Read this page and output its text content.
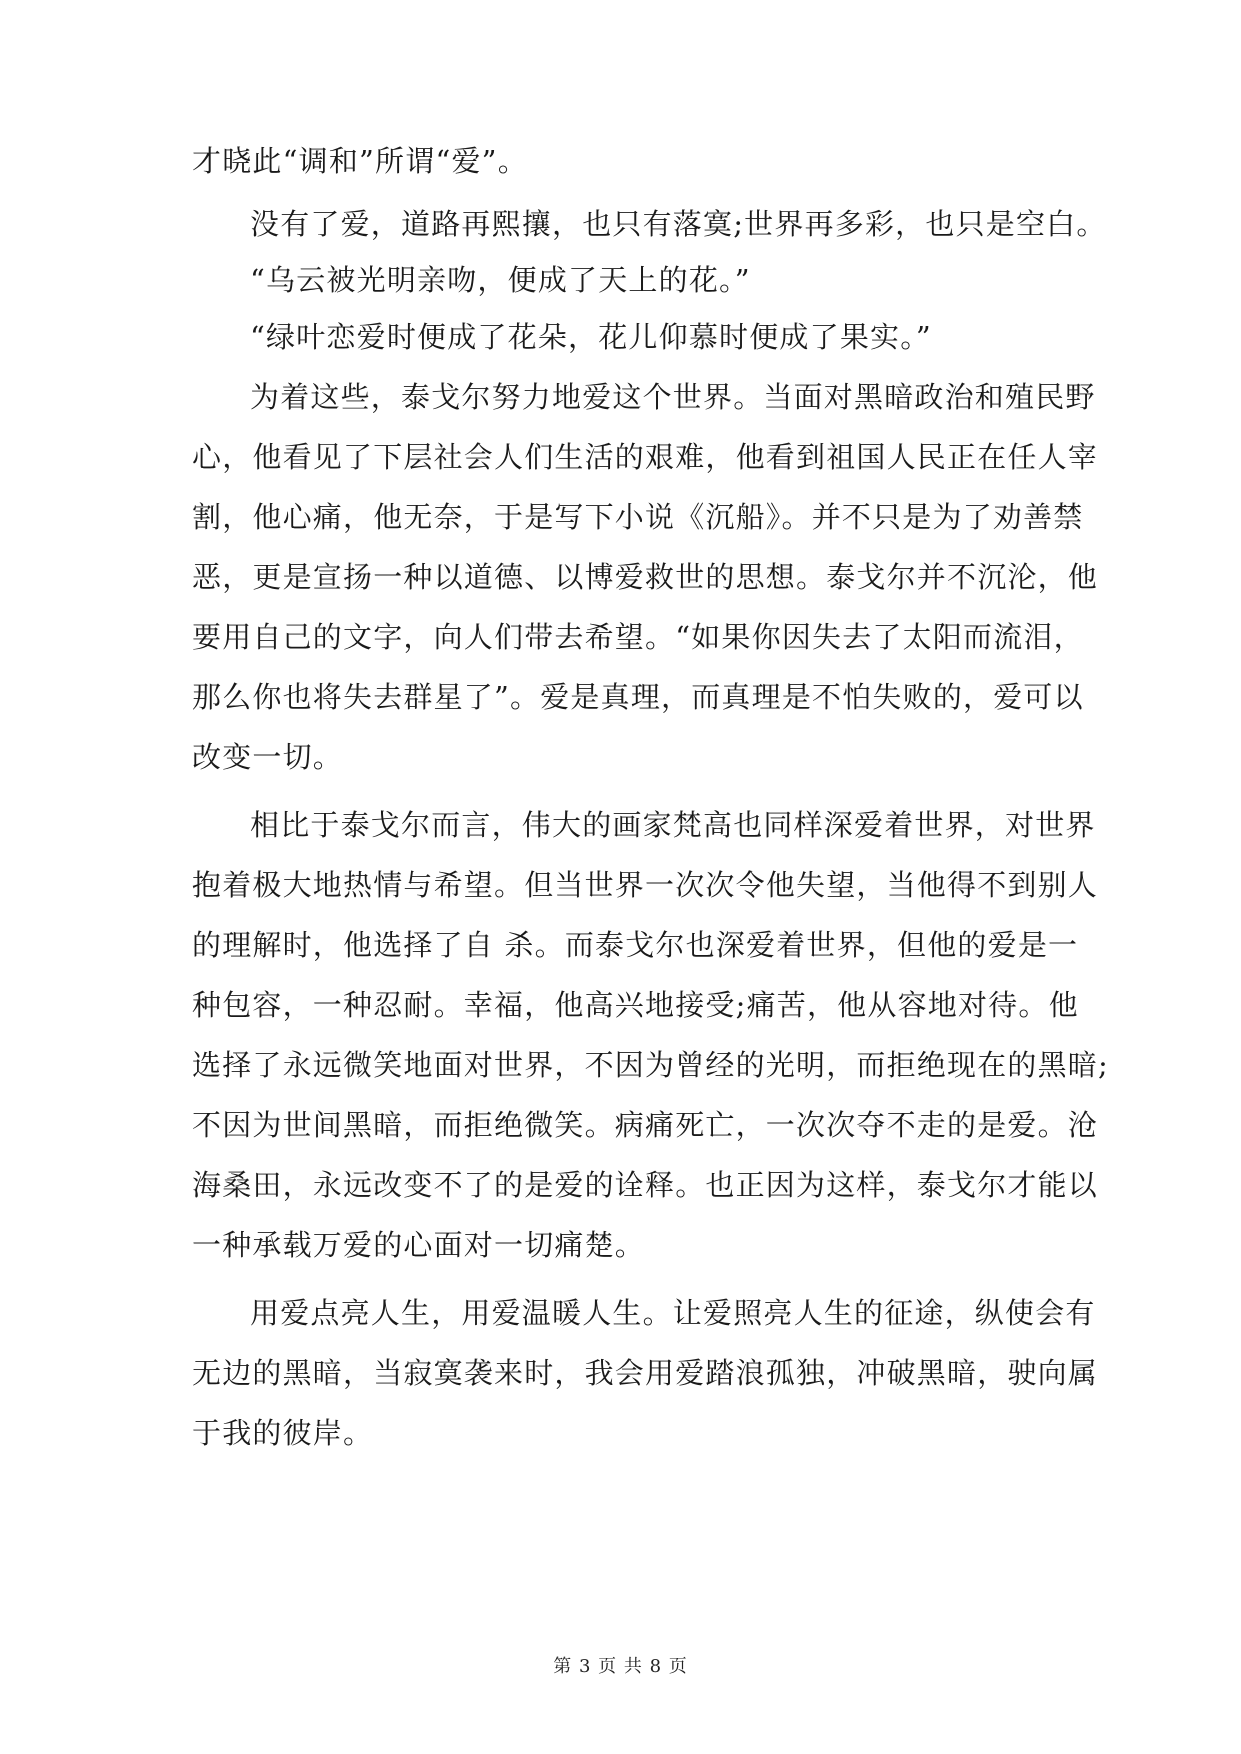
才晓此“调和”所谓“爱”。
没有了爱，道路再熙攘，也只有落寞;世界再多彩，也只是空白。
“乌云被光明亲吻，便成了天上的花。”
“绿叶恋爱时便成了花朵，花儿仰慕时便成了果实。”
为着这些，泰戈尔努力地爱这个世界。当面对黑暗政治和殖民野
心，他看见了下层社会人们生活的艰难，他看到祖国人民正在任人宰
割，他心痛，他无奈，于是写下小说《沉船》。并不只是为了劝善禁
恶，更是宣扬一种以道德、以博爱救世的思想。泰戈尔并不沉沦，他
要用自己的文字，向人们带去希望。“如果你因失去了太阳而流泪，
那么你也将失去群星了”。爱是真理，而真理是不怕失败的，爱可以
改变一切。
相比于泰戈尔而言，伟大的画家梵高也同样深爱着世界，对世界
抱着极大地热情与希望。但当世界一次次令他失望，当他得不到别人
的理解时，他选择了自 杀。而泰戈尔也深爱着世界，但他的爱是一
种包容，一种忍耐。幸福，他高兴地接受;痛苦，他从容地对待。他
选择了永远微笑地面对世界，不因为曾经的光明，而拒绝现在的黑暗;
不因为世间黑暗，而拒绝微笑。病痛死亡，一次次夺不走的是爱。沧
海桑田，永远改变不了的是爱的诠释。也正因为这样，泰戈尔才能以
一种承载万爱的心面对一切痛楚。
用爱点亮人生，用爱温暖人生。让爱照亮人生的征途，纵使会有
无边的黑暗，当寂寞袭来时，我会用爱踏浪孤独，冲破黑暗，驶向属
于我的彼岸。
第 3 页 共 8 页
